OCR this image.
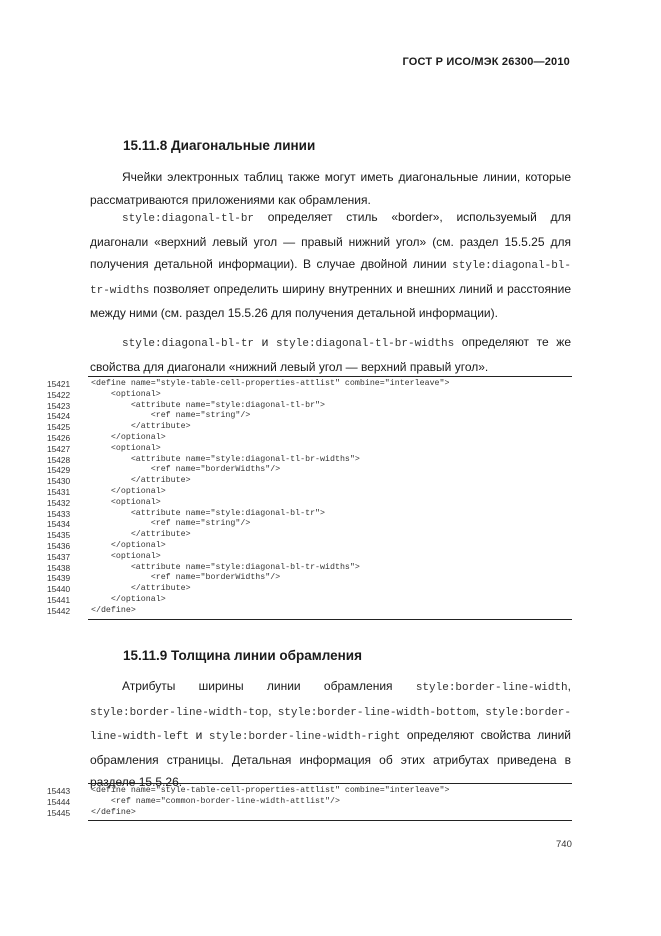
ГОСТ Р ИСО/МЭК 26300—2010
15.11.8 Диагональные линии
Ячейки электронных таблиц также могут иметь диагональные линии, которые рассматриваются приложениями как обрамления.
style:diagonal-tl-br определяет стиль «border», используемый для диагонали «верхний левый угол — правый нижний угол» (см. раздел 15.5.25 для получения детальной информации). В случае двойной линии style:diagonal-bl-tr-widths позволяет определить ширину внутренних и внешних линий и расстояние между ними (см. раздел 15.5.26 для получения детальной информации).
style:diagonal-bl-tr и style:diagonal-tl-br-widths определяют те же свойства для диагонали «нижний левый угол — верхний правый угол».
15421	<define name="style-table-cell-properties-attlist" combine="interleave">
15422	<optional>
15423	<attribute name="style:diagonal-tl-br">
15424	<ref name="string"/>
15425	</attribute>
15426	</optional>
15427	<optional>
15428	<attribute name="style:diagonal-tl-br-widths">
15429	<ref name="borderWidths"/>
15430	</attribute>
15431	</optional>
15432	<optional>
15433	<attribute name="style:diagonal-bl-tr">
15434	<ref name="string"/>
15435	</attribute>
15436	</optional>
15437	<optional>
15438	<attribute name="style:diagonal-bl-tr-widths">
15439	<ref name="borderWidths"/>
15440	</attribute>
15441	</optional>
15442	</define>
15.11.9 Толщина линии обрамления
Атрибуты ширины линии обрамления style:border-line-width, style:border-line-width-top, style:border-line-width-bottom, style:border-line-width-left и style:border-line-width-right определяют свойства линий обрамления страницы. Детальная информация об этих атрибутах приведена в разделе 15.5.26.
15443	<define name="style-table-cell-properties-attlist" combine="interleave">
15444	<ref name="common-border-line-width-attlist"/>
15445	</define>
740
